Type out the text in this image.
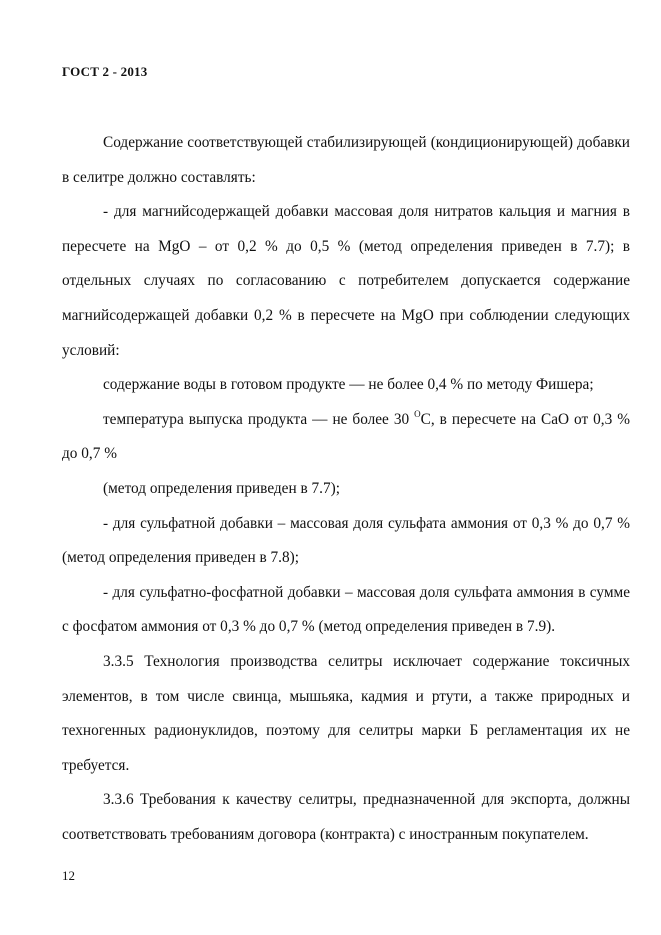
ГОСТ 2 - 2013

Содержание соответствующей стабилизирующей (кондиционирующей) добавки в селитре должно составлять:

- для магнийсодержащей добавки массовая доля нитратов кальция и магния в пересчете на MgO – от 0,2 % до 0,5 % (метод определения приведен в 7.7); в отдельных случаях по согласованию с потребителем допускается содержание магнийсодержащей добавки 0,2 % в пересчете на MgO при соблюдении следующих условий:

содержание воды в готовом продукте — не более 0,4 % по методу Фишера;

температура выпуска продукта — не более 30 $^O$C, в пересчете на CaO от 0,3 % до 0,7 %

(метод определения приведен в 7.7);

- для сульфатной добавки – массовая доля сульфата аммония от 0,3 % до 0,7 % (метод определения приведен в 7.8);

- для сульфатно-фосфатной добавки – массовая доля сульфата аммония в сумме с фосфатом аммония от 0,3 % до 0,7 % (метод определения приведен в 7.9).

3.3.5 Технология производства селитры исключает содержание токсичных элементов, в том числе свинца, мышьяка, кадмия и ртути, а также природных и техногенных радионуклидов, поэтому для селитры марки Б регламентация их не требуется.

3.3.6 Требования к качеству селитры, предназначенной для экспорта, должны соответствовать требованиям договора (контракта) с иностранным покупателем.

12
